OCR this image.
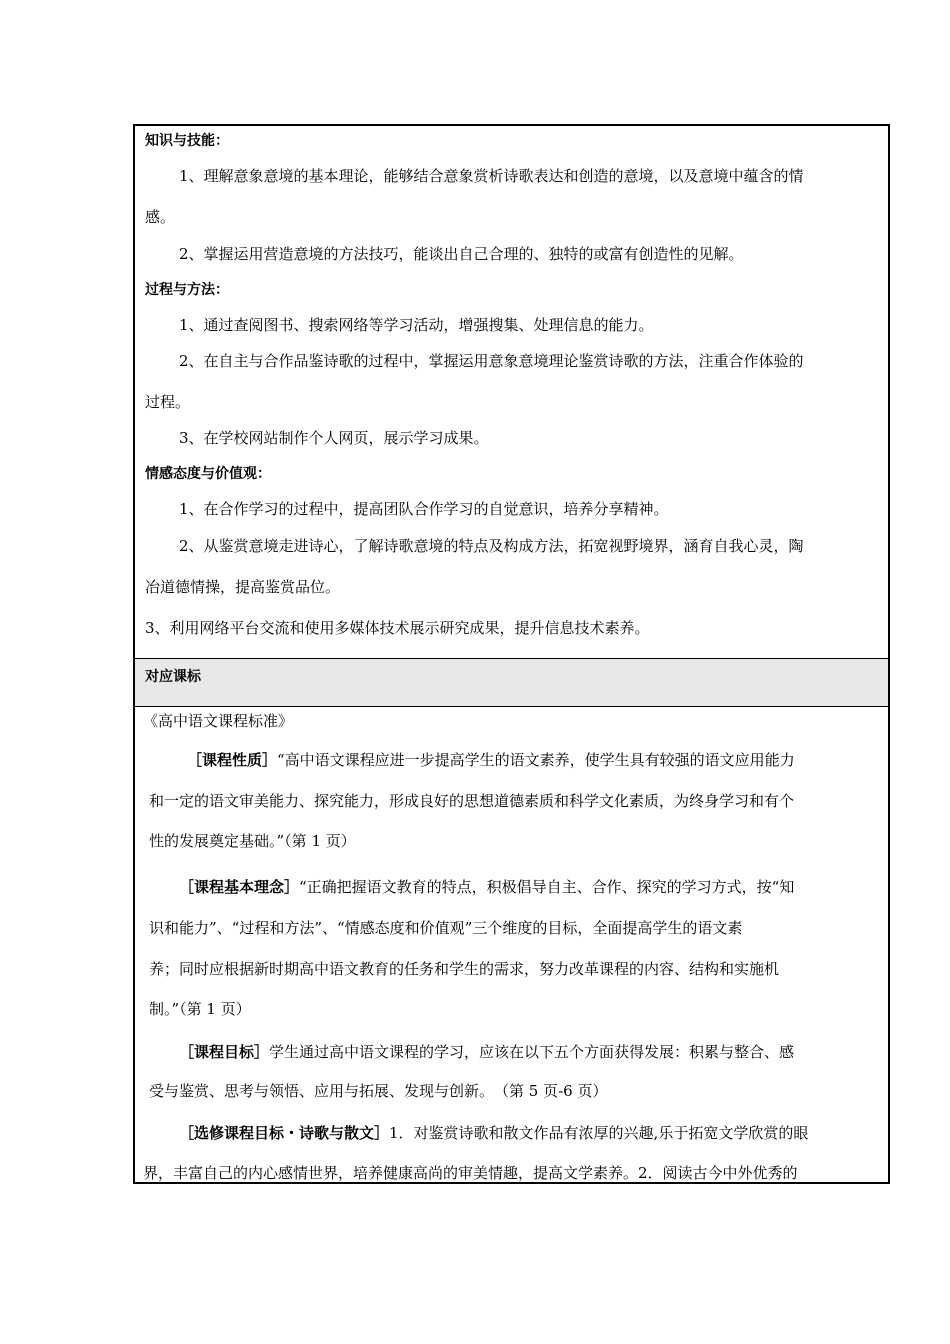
知识与技能：
1、理解意象意境的基本理论，能够结合意象赏析诗歌表达和创造的意境，以及意境中蕴含的情
感。
2、掌握运用营造意境的方法技巧，能谈出自己合理的、独特的或富有创造性的见解。
过程与方法：
1、通过查阅图书、搜索网络等学习活动，增强搜集、处理信息的能力。
2、在自主与合作品鉴诗歌的过程中，掌握运用意象意境理论鉴赏诗歌的方法，注重合作体验的
过程。
3、在学校网站制作个人网页，展示学习成果。
情感态度与价值观：
1、在合作学习的过程中，提高团队合作学习的自觉意识，培养分享精神。
2、从鉴赏意境走进诗心，了解诗歌意境的特点及构成方法，拓宽视野境界，涵育自我心灵，陶
冶道德情操，提高鉴赏品位。
3、利用网络平台交流和使用多媒体技术展示研究成果，提升信息技术素养。
对应课标
《高中语文课程标准》
［课程性质］“高中语文课程应进一步提高学生的语文素养，使学生具有较强的语文应用能力
和一定的语文审美能力、探究能力，形成良好的思想道德素质和科学文化素质，为终身学习和有个
性的发展奠定基础。”（第 1 页）
［课程基本理念］“正确把握语文教育的特点，积极倡导自主、合作、探究的学习方式，按“知
识和能力”、“过程和方法”、“情感态度和价值观”三个维度的目标，全面提高学生的语文素
养；同时应根据新时期高中语文教育的任务和学生的需求，努力改革课程的内容、结构和实施机
制。”（第 1 页）
［课程目标］学生通过高中语文课程的学习，应该在以下五个方面获得发展：积累与整合、感
受与鉴赏、思考与领悟、应用与拓展、发现与创新。　（第 5 页-6 页）
［选修课程目标・诗歌与散文］1．对鉴赏诗歌和散文作品有浓厚的兴趣,乐于拓宽文学欣赏的眼
界，丰富自己的内心感情世界，培养健康高尚的审美情趣，提高文学素养。2．阅读古今中外优秀的
